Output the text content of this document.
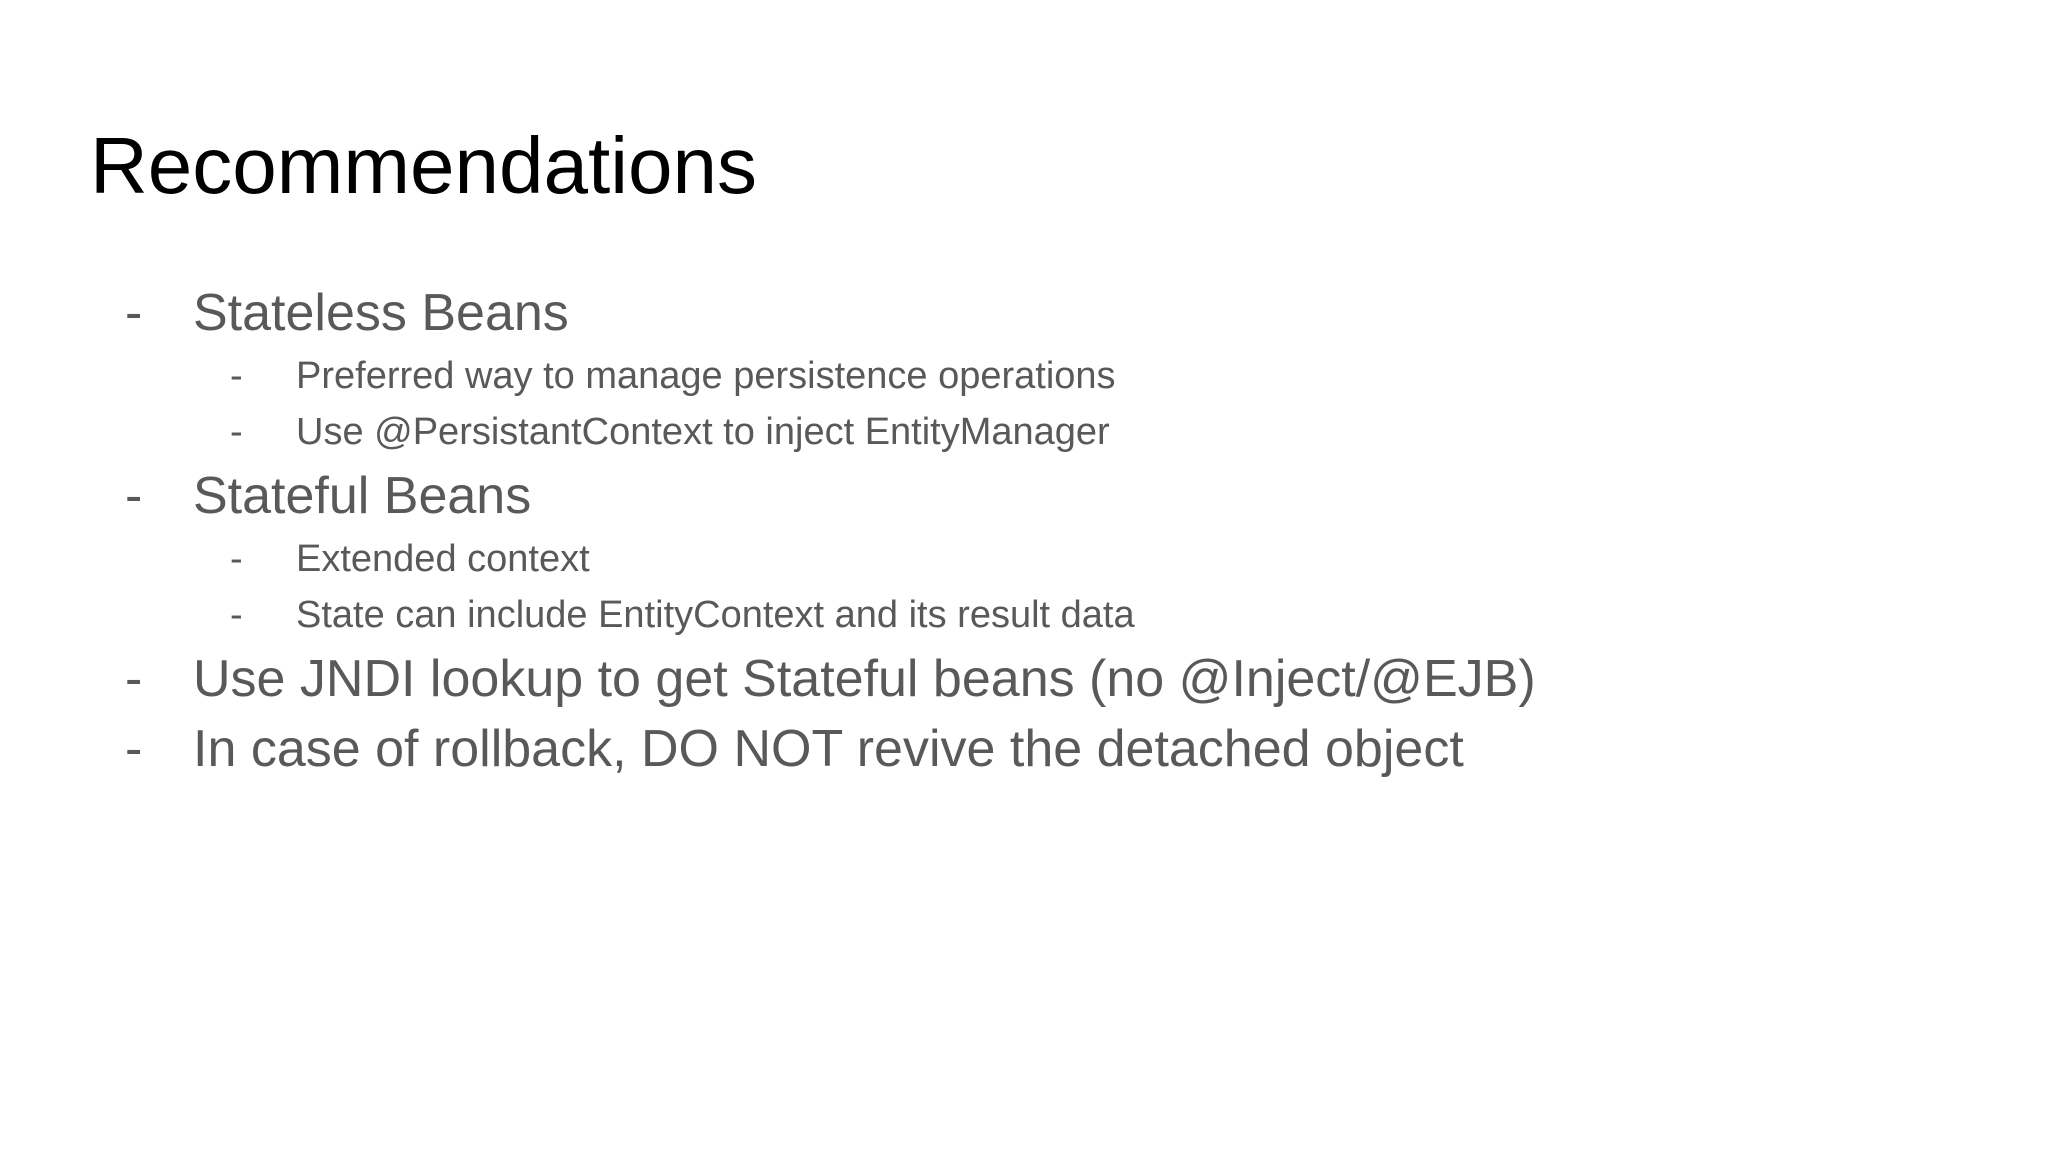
Recommendations
- Stateless Beans
- Preferred way to manage persistence operations
- Use @PersistantContext to inject EntityManager
- Stateful Beans
- Extended context
- State can include EntityContext and its result data
- Use JNDI lookup to get Stateful beans (no @Inject/@EJB)
- In case of rollback, DO NOT revive the detached object
